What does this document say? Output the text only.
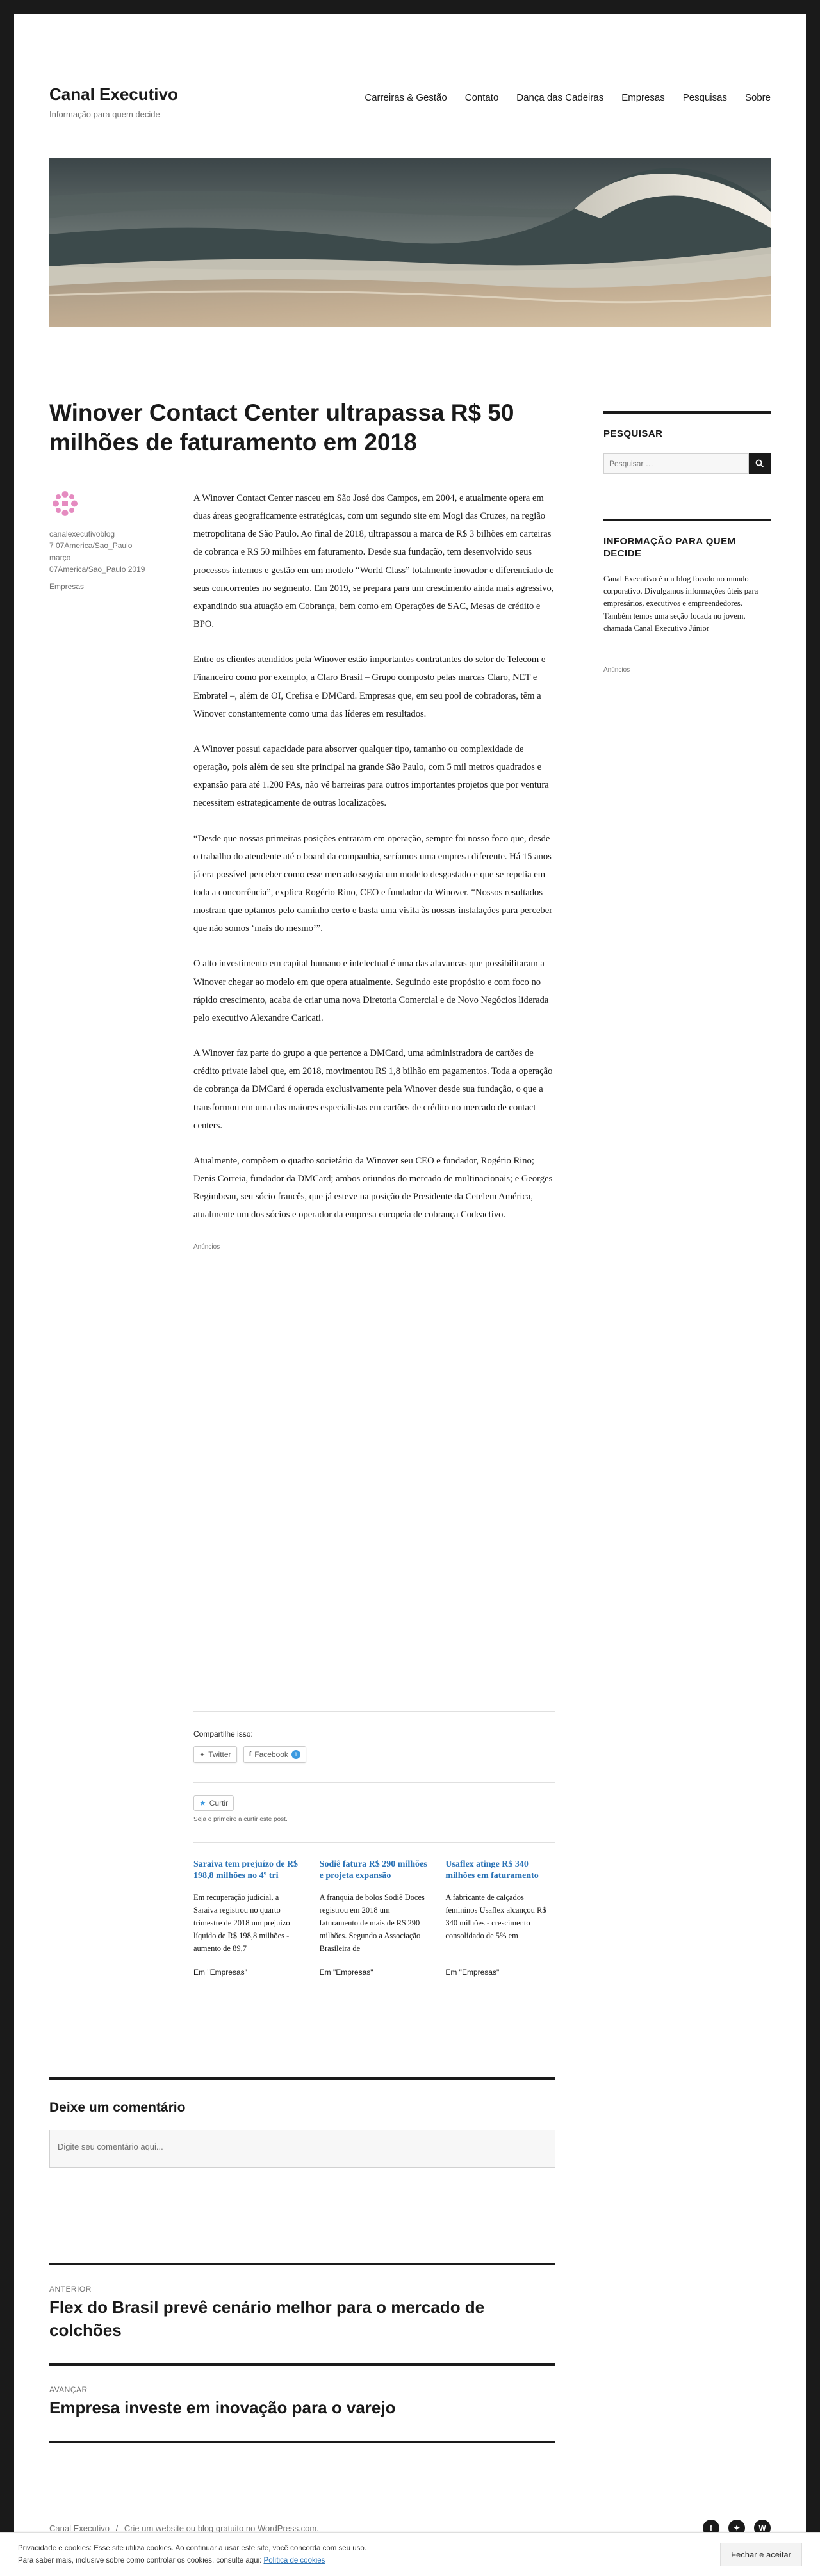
Canal Executivo
Informação para quem decide
Carreiras & Gestão Contato Dança das Cadeiras Empresas Pesquisas Sobre
Winover Contact Center ultrapassa R$ 50 milhões de faturamento em 2018
canalexecutivoblog
7 07America/Sao_Paulo
março
07America/Sao_Paulo 2019
Empresas

A Winover Contact Center nasceu em São José dos Campos, em 2004, e atualmente opera em duas áreas geograficamente estratégicas, com um segundo site em Mogi das Cruzes, na região metropolitana de São Paulo. Ao final de 2018, ultrapassou a marca de R$ 3 bilhões em carteiras de cobrança e R$ 50 milhões em faturamento. Desde sua fundação, tem desenvolvido seus processos internos e gestão em um modelo “World Class” totalmente inovador e diferenciado de seus concorrentes no segmento. Em 2019, se prepara para um crescimento ainda mais agressivo, expandindo sua atuação em Cobrança, bem como em Operações de SAC, Mesas de crédito e BPO.

Entre os clientes atendidos pela Winover estão importantes contratantes do setor de Telecom e Financeiro como por exemplo, a Claro Brasil – Grupo composto pelas marcas Claro, NET e Embratel –, além de OI, Crefisa e DMCard. Empresas que, em seu pool de cobradoras, têm a Winover constantemente como uma das líderes em resultados.

A Winover possui capacidade para absorver qualquer tipo, tamanho ou complexidade de operação, pois além de seu site principal na grande São Paulo, com 5 mil metros quadrados e expansão para até 1.200 PAs, não vê barreiras para outros importantes projetos que por ventura necessitem estrategicamente de outras localizações.

“Desde que nossas primeiras posições entraram em operação, sempre foi nosso foco que, desde o trabalho do atendente até o board da companhia, seríamos uma empresa diferente. Há 15 anos já era possível perceber como esse mercado seguia um modelo desgastado e que se repetia em toda a concorrência”, explica Rogério Rino, CEO e fundador da Winover. “Nossos resultados mostram que optamos pelo caminho certo e basta uma visita às nossas instalações para perceber que não somos ‘mais do mesmo’”.

O alto investimento em capital humano e intelectual é uma das alavancas que possibilitaram a Winover chegar ao modelo em que opera atualmente. Seguindo este propósito e com foco no rápido crescimento, acaba de criar uma nova Diretoria Comercial e de Novo Negócios liderada pelo executivo Alexandre Caricati.

A Winover faz parte do grupo a que pertence a DMCard, uma administradora de cartões de crédito private label que, em 2018, movimentou R$ 1,8 bilhão em pagamentos. Toda a operação de cobrança da DMCard é operada exclusivamente pela Winover desde sua fundação, o que a transformou em uma das maiores especialistas em cartões de crédito no mercado de contact centers.

Atualmente, compõem o quadro societário da Winover seu CEO e fundador, Rogério Rino; Denis Correia, fundador da DMCard; ambos oriundos do mercado de multinacionais; e Georges Regimbeau, seu sócio francês, que já esteve na posição de Presidente da Cetelem América, atualmente um dos sócios e operador da empresa europeia de cobrança Codeactivo.

Anúncios
Compartilhe isso:
✦ Twitter	f Facebook	1
★ Curtir
Seja o primeiro a curtir este post.
Saraiva tem prejuízo de R$ 198,8 milhões no 4º tri
Em recuperação judicial, a Saraiva registrou no quarto trimestre de 2018 um prejuízo líquido de R$ 198,8 milhões - aumento de 89,7
Em "Empresas"
Sodiê fatura R$ 290 milhões e projeta expansão
A franquia de bolos Sodiê Doces registrou em 2018 um faturamento de mais de R$ 290 milhões. Segundo a Associação Brasileira de
Em "Empresas"
Usaflex atinge R$ 340 milhões em faturamento
A fabricante de calçados femininos Usaflex alcançou R$ 340 milhões - crescimento consolidado de 5% em
Em "Empresas"
PESQUISAR
Pesquisar …
INFORMAÇÃO PARA QUEM DECIDE

Canal Executivo é um blog focado no mundo corporativo. Divulgamos informações úteis para empresários, executivos e empreendedores. Também temos uma seção focada no jovem, chamada Canal Executivo Júnior

Anúncios
Deixe um comentário
Digite seu comentário aqui...
ANTERIOR
Flex do Brasil prevê cenário melhor para o mercado de colchões
AVANÇAR
Empresa investe em inovação para o varejo
Canal Executivo / Crie um website ou blog gratuito no WordPress.com.	f	✦	W
Privacidade e cookies: Esse site utiliza cookies. Ao continuar a usar este site, você concorda com seu uso.
Para saber mais, inclusive sobre como controlar os cookies, consulte aqui: Política de cookies
Fechar e aceitar
